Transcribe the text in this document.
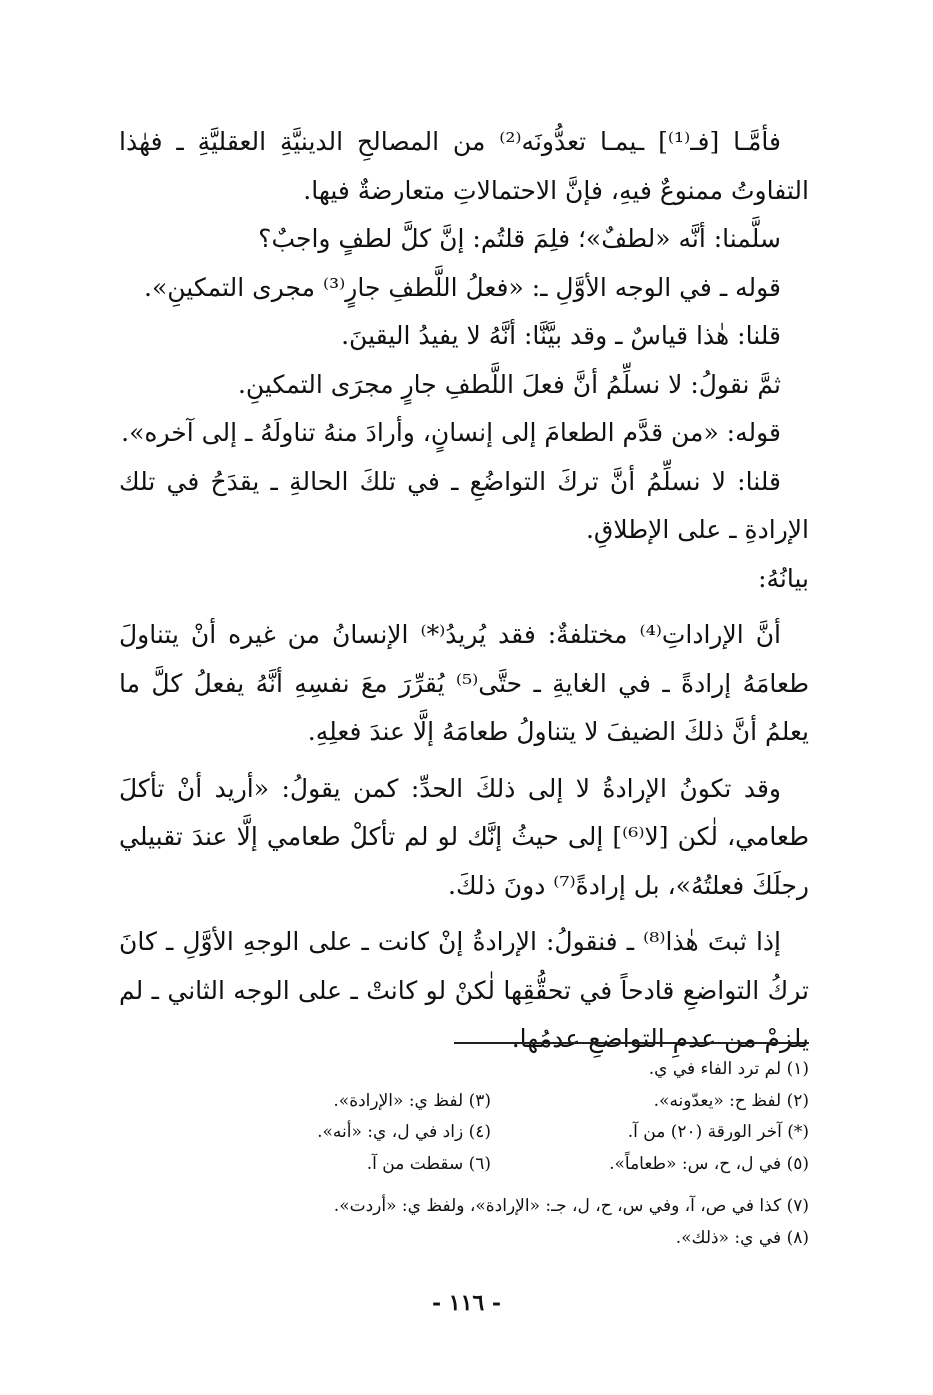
فأمَّـا [فـ⁽¹⁾] ـيمـا تعدُّونَه⁽²⁾ من المصالحِ الدينيَّةِ العقليَّةِ ـ فهٰذا التفاوتُ ممنوعٌ فيهِ، فإنَّ الاحتمالاتِ متعارضةٌ فيها.

سلَّمنا: أنَّه «لطفٌ»؛ فلِمَ قلتُم: إنَّ كلَّ لطفٍ واجبٌ؟

قوله ـ في الوجه الأوَّلِ ـ: «فعلُ اللَّطفِ جارٍ⁽³⁾ مجرى التمكينِ».

قلنا: هٰذا قياسٌ ـ وقد بيَّنَّا: أنَّهُ لا يفيدُ اليقينَ.

ثمَّ نقولُ: لا نسلِّمُ أنَّ فعلَ اللَّطفِ جارٍ مجرَى التمكينِ.

قوله: «من قدَّم الطعامَ إلى إنسانٍ، وأرادَ منهُ تناولَهُ ـ إلى آخره».

قلنا: لا نسلِّمُ أنَّ تركَ التواضُعِ ـ في تلكَ الحالةِ ـ يقدَحُ في تلك الإرادةِ ـ على الإطلاقِ.

بيانُهُ:

أنَّ الإراداتِ⁽⁴⁾ مختلفةٌ: فقد يُريدُ⁽*⁾ الإنسانُ من غيره أنْ يتناولَ طعامَهُ إرادةً ـ في الغايةِ ـ حتَّى⁽⁵⁾ يُقرِّرَ معَ نفسِهِ أنَّهُ يفعلُ كلَّ ما يعلمُ أنَّ ذلكَ الضيفَ لا يتناولُ طعامَهُ إلَّا عندَ فعلِهِ.

وقد تكونُ الإرادةُ لا إلى ذلكَ الحدِّ: كمن يقولُ: «أريد أنْ تأكلَ طعامي، لٰكن [لا⁽⁶⁾] إلى حيثُ إنَّك لو لم تأكلْ طعامي إلَّا عندَ تقبيلي رجلَكَ فعلتُهُ»، بل إرادةً⁽⁷⁾ دونَ ذلكَ.

إذا ثبتَ هٰذا⁽⁸⁾ ـ فنقولُ: الإرادةُ إنْ كانت ـ على الوجهِ الأوَّلِ ـ كانَ تركُ التواضعِ قادحاً في تحقُّقِها لٰكنْ لو كانتْ ـ على الوجه الثاني ـ لم يلزمْ من عدمِ التواضعِ عدمُها.

(١) لم ترد الفاء في ي.
(٢) لفظ ح: «يعدّونه».
(٣) لفظ ي: «الإرادة».
(*) آخر الورقة (٢٠) من آ.
(٤) زاد في ل، ي: «أنه».
(٥) في ل، ح، س: «طعاماً».
(٦) سقطت من آ.
(٧) كذا في ص، آ، وفي س، ح، ل، جـ: «الإرادة»، ولفظ ي: «أردت».
(٨) في ي: «ذلك».
- ١١٦ -
